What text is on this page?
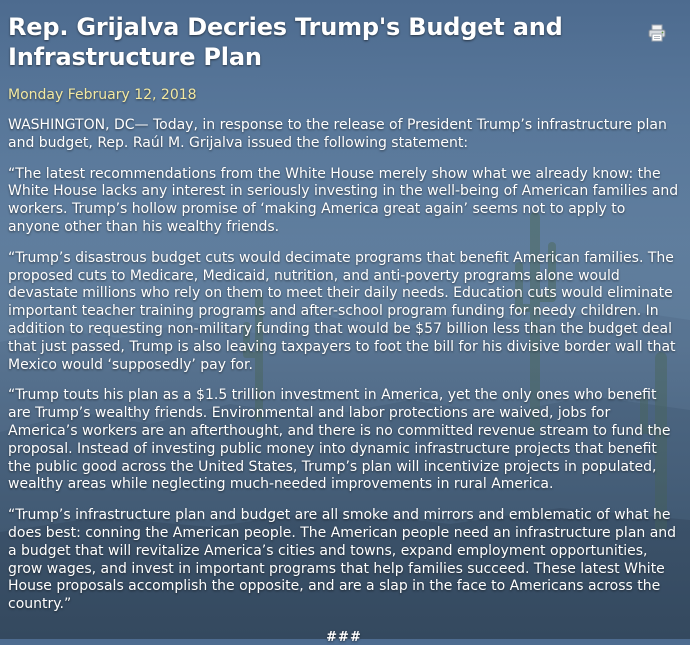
Rep. Grijalva Decries Trump's Budget and Infrastructure Plan
Monday February 12, 2018

WASHINGTON, DC— Today, in response to the release of President Trump’s infrastructure plan and budget, Rep. Raúl M. Grijalva issued the following statement:

“The latest recommendations from the White House merely show what we already know: the White House lacks any interest in seriously investing in the well-being of American families and workers. Trump’s hollow promise of ‘making America great again’ seems not to apply to anyone other than his wealthy friends.

“Trump’s disastrous budget cuts would decimate programs that benefit American families. The proposed cuts to Medicare, Medicaid, nutrition, and anti-poverty programs alone would devastate millions who rely on them to meet their daily needs. Education cuts would eliminate important teacher training programs and after-school program funding for needy children. In addition to requesting non-military funding that would be $57 billion less than the budget deal that just passed, Trump is also leaving taxpayers to foot the bill for his divisive border wall that Mexico would ‘supposedly’ pay for.

“Trump touts his plan as a $1.5 trillion investment in America, yet the only ones who benefit are Trump’s wealthy friends. Environmental and labor protections are waived, jobs for America’s workers are an afterthought, and there is no committed revenue stream to fund the proposal. Instead of investing public money into dynamic infrastructure projects that benefit the public good across the United States, Trump’s plan will incentivize projects in populated, wealthy areas while neglecting much-needed improvements in rural America.

“Trump’s infrastructure plan and budget are all smoke and mirrors and emblematic of what he does best: conning the American people. The American people need an infrastructure plan and a budget that will revitalize America’s cities and towns, expand employment opportunities, grow wages, and invest in important programs that help families succeed. These latest White House proposals accomplish the opposite, and are a slap in the face to Americans across the country.”

###
